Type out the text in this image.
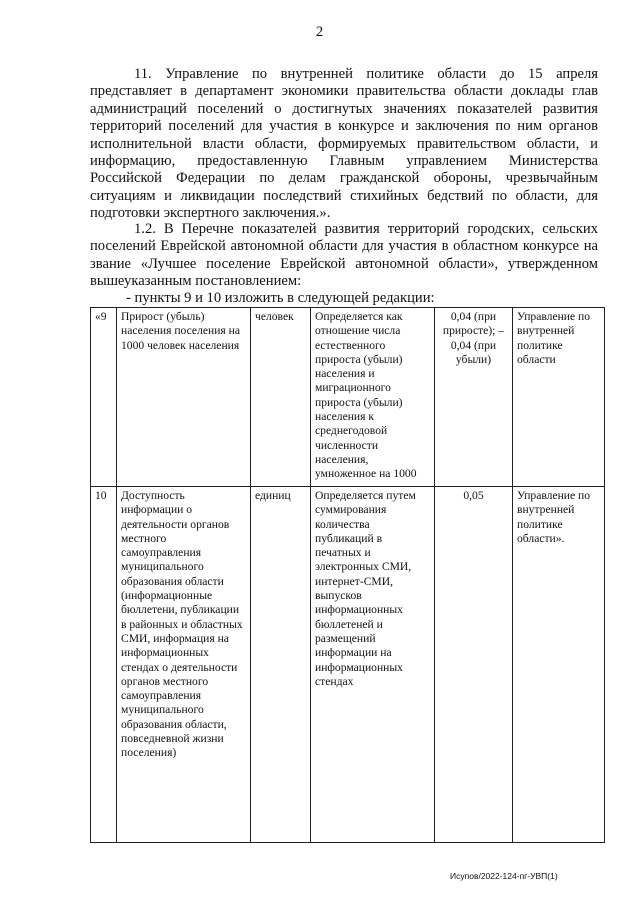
2

11. Управление по внутренней политике области до 15 апреля представляет в департамент экономики правительства области доклады глав администраций поселений о достигнутых значениях показателей развития территорий поселений для участия в конкурсе и заключения по ним органов исполнительной власти области, формируемых правительством области, и информацию, предоставленную Главным управлением Министерства Российской Федерации по делам гражданской обороны, чрезвычайным ситуациям и ликвидации последствий стихийных бедствий по области, для подготовки экспертного заключения.».

1.2. В Перечне показателей развития территорий городских, сельских поселений Еврейской автономной области для участия в областном конкурсе на звание «Лучшее поселение Еврейской автономной области», утвержденном вышеуказанным постановлением:

- пункты 9 и 10 изложить в следующей редакции:
«9	Прирост (убыль) населения поселения на 1000 человек населения	человек	Определяется как отношение числа естественного прироста (убыли) населения и миграционного прироста (убыли) населения к среднегодовой численности населения, умноженное на 1000	0,04 (при приросте); – 0,04 (при убыли)	Управление по внутренней политике области
10	Доступность информации о деятельности органов местного самоуправления муниципального образования области (информационные бюллетени, публикации в районных и областных СМИ, информация на информационных стендах о деятельности органов местного самоуправления муниципального образования области, повседневной жизни поселения)	единиц	Определяется путем суммирования количества публикаций в печатных и электронных СМИ, интернет-СМИ, выпусков информационных бюллетеней и размещений информации на информационных стендах	0,05	Управление по внутренней политике области».
Исупов/2022-124-пг-УВП(1)
